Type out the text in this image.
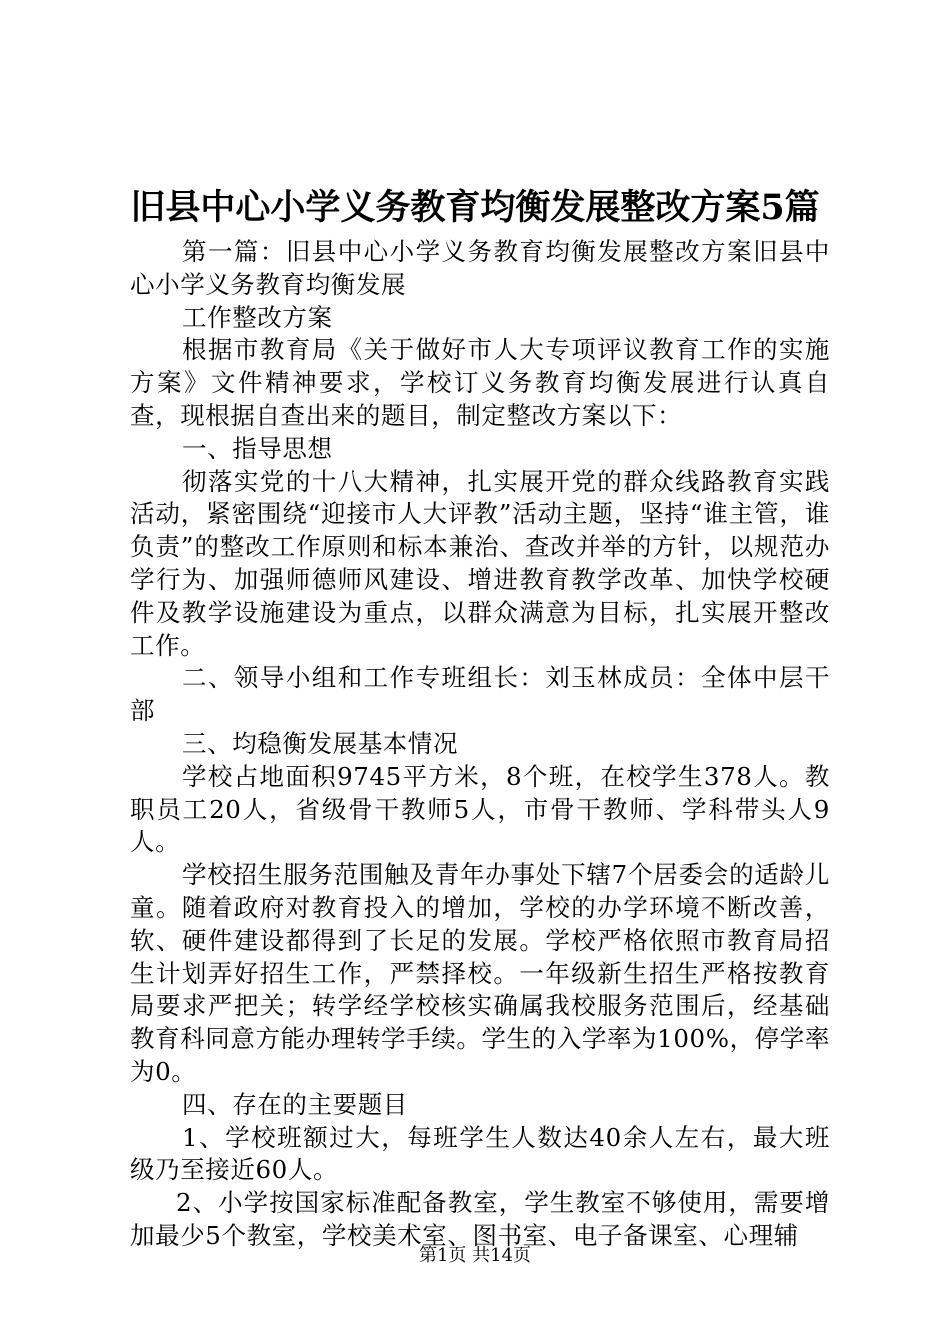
旧县中心小学义务教育均衡发展整改方案5篇

第一篇：旧县中心小学义务教育均衡发展整改方案旧县中心小学义务教育均衡发展

工作整改方案

根据市教育局《关于做好市人大专项评议教育工作的实施方案》文件精神要求，学校订义务教育均衡发展进行认真自查，现根据自查出来的题目，制定整改方案以下：

一、指导思想

彻落实党的十八大精神，扎实展开党的群众线路教育实践活动，紧密围绕“迎接市人大评教”活动主题，坚持“谁主管，谁负责”的整改工作原则和标本兼治、查改并举的方针，以规范办学行为、加强师德师风建设、增进教育教学改革、加快学校硬件及教学设施建设为重点，以群众满意为目标，扎实展开整改工作。

二、领导小组和工作专班组长：刘玉林成员：全体中层干部

三、均稳衡发展基本情况

学校占地面积9745平方米，8个班，在校学生378人。教职员工20人，省级骨干教师5人，市骨干教师、学科带头人9人。

学校招生服务范围触及青年办事处下辖7个居委会的适龄儿童。随着政府对教育投入的增加，学校的办学环境不断改善，软、硬件建设都得到了长足的发展。学校严格依照市教育局招生计划弄好招生工作，严禁择校。一年级新生招生严格按教育局要求严把关；转学经学校核实确属我校服务范围后，经基础教育科同意方能办理转学手续。学生的入学率为100%，停学率为0。

四、存在的主要题目

1、学校班额过大，每班学生人数达40余人左右，最大班级乃至接近60人。

2、小学按国家标准配备教室，学生教室不够使用，需要增加最少5个教室，学校美术室、图书室、电子备课室、心理辅

第1页 共14页
